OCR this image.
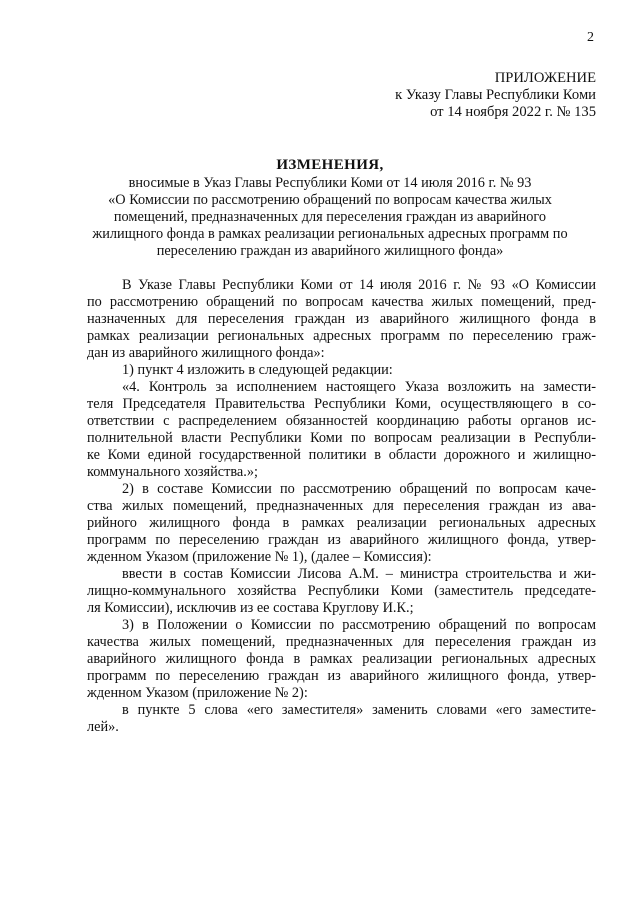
2
ПРИЛОЖЕНИЕ
к Указу Главы Республики Коми
от 14 ноября 2022 г. № 135
ИЗМЕНЕНИЯ,
вносимые в Указ Главы Республики Коми от 14 июля 2016 г. № 93
«О Комиссии по рассмотрению обращений по вопросам качества жилых
помещений, предназначенных для переселения граждан из аварийного
жилищного фонда в рамках реализации региональных адресных программ по
переселению граждан из аварийного жилищного фонда»
В Указе Главы Республики Коми от 14 июля 2016 г. № 93 «О Комиссии
по рассмотрению обращений по вопросам качества жилых помещений, пред-
назначенных для переселения граждан из аварийного жилищного фонда в
рамках реализации региональных адресных программ по переселению граж-
дан из аварийного жилищного фонда»:
1) пункт 4 изложить в следующей редакции:
«4. Контроль за исполнением настоящего Указа возложить на замести-
теля Председателя Правительства Республики Коми, осуществляющего в со-
ответствии с распределением обязанностей координацию работы органов ис-
полнительной власти Республики Коми по вопросам реализации в Республи-
ке Коми единой государственной политики в области дорожного и жилищно-
коммунального хозяйства.»;
2) в составе Комиссии по рассмотрению обращений по вопросам каче-
ства жилых помещений, предназначенных для переселения граждан из ава-
рийного жилищного фонда в рамках реализации региональных адресных
программ по переселению граждан из аварийного жилищного фонда, утвер-
жденном Указом (приложение № 1), (далее – Комиссия):
ввести в состав Комиссии Лисова А.М. – министра строительства и жи-
лищно-коммунального хозяйства Республики Коми (заместитель председате-
ля Комиссии), исключив из ее состава Круглову И.К.;
3) в Положении о Комиссии по рассмотрению обращений по вопросам
качества жилых помещений, предназначенных для переселения граждан из
аварийного жилищного фонда в рамках реализации региональных адресных
программ по переселению граждан из аварийного жилищного фонда, утвер-
жденном Указом (приложение № 2):
в пункте 5 слова «его заместителя» заменить словами «его заместите-
лей».
